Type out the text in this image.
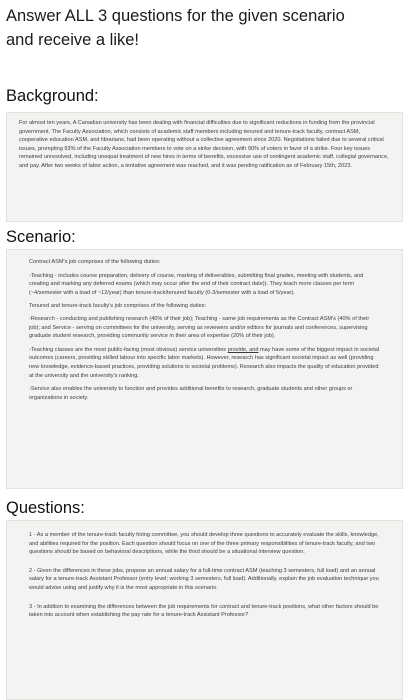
Answer ALL 3 questions for the given scenario
and receive a like!
Background:

For almost ten years, A Canadian university has been dealing with financial difficulties due to significant reductions in funding from the provincial government. The Faculty Association, which consists of academic staff members including tenured and tenure-track faculty, contract ASM, cooperative education ASM, and librarians, had been operating without a collective agreement since 2020. Negotiations failed due to several critical issues, prompting 93% of the Faculty Association members to vote on a strike decision, with 90% of voters in favor of a strike. Four key issues remained unresolved, including unequal treatment of new hires in terms of benefits, excessive use of contingent academic staff, collegial governance, and pay. After two weeks of labor action, a tentative agreement was reached, and it was pending ratification as of February 15th, 2023.

Scenario:

Contract ASM's job comprises of the following duties:

-Teaching - includes course preparation, delivery of course, marking of deliverables, submitting final grades, meeting with students, and creating and marking any deferred exams (which may occur after the end of their contract date)). They teach more classes per term (~4/semester with a load of ~12/year) than tenure-track/tenured faculty (0-3/semester with a load of 5/year).

Tenured and tenure-track faculty's job comprises of the following duties:

-Research - conducting and publishing research (40% of their job); Teaching - same job requirements as the Contract ASM's (40% of their job); and Service - serving on committees for the university, serving as reviewers and/or editors for journals and conferences, supervising graduate student research, providing community service in their area of expertise (20% of their job).

-Teaching classes are the most public-facing (most obvious) service universities provide, and may have some of the biggest impact in societal outcomes (careers, providing skilled labour into specific labor markets). However, research has significant societal impact as well (providing new knowledge, evidence-based practices, providing solutions to societal problems). Research also impacts the quality of education provided at the university and the university's ranking.

-Service also enables the university to function and provides additional benefits to research, graduate students and other groups or organizations in society.

Questions:

1 - As a member of the tenure-track faculty hiring committee, you should develop three questions to accurately evaluate the skills, knowledge, and abilities required for the position. Each question should focus on one of the three primary responsibilities of tenure-track faculty, and two questions should be based on behavioral descriptions, while the third should be a situational interview question.

2 - Given the differences in these jobs, propose an annual salary for a full-time contract ASM (teaching 3 semesters, full load) and an annual salary for a tenure-track Assistant Professor (entry level; working 3 semesters, full load). Additionally, explain the job evaluation technique you would advise using and justify why it is the most appropriate in this scenario.

3 - In addition to examining the differences between the job requirements for contract and tenure-track positions, what other factors should be taken into account when establishing the pay rate for a tenure-track Assistant Professor?
